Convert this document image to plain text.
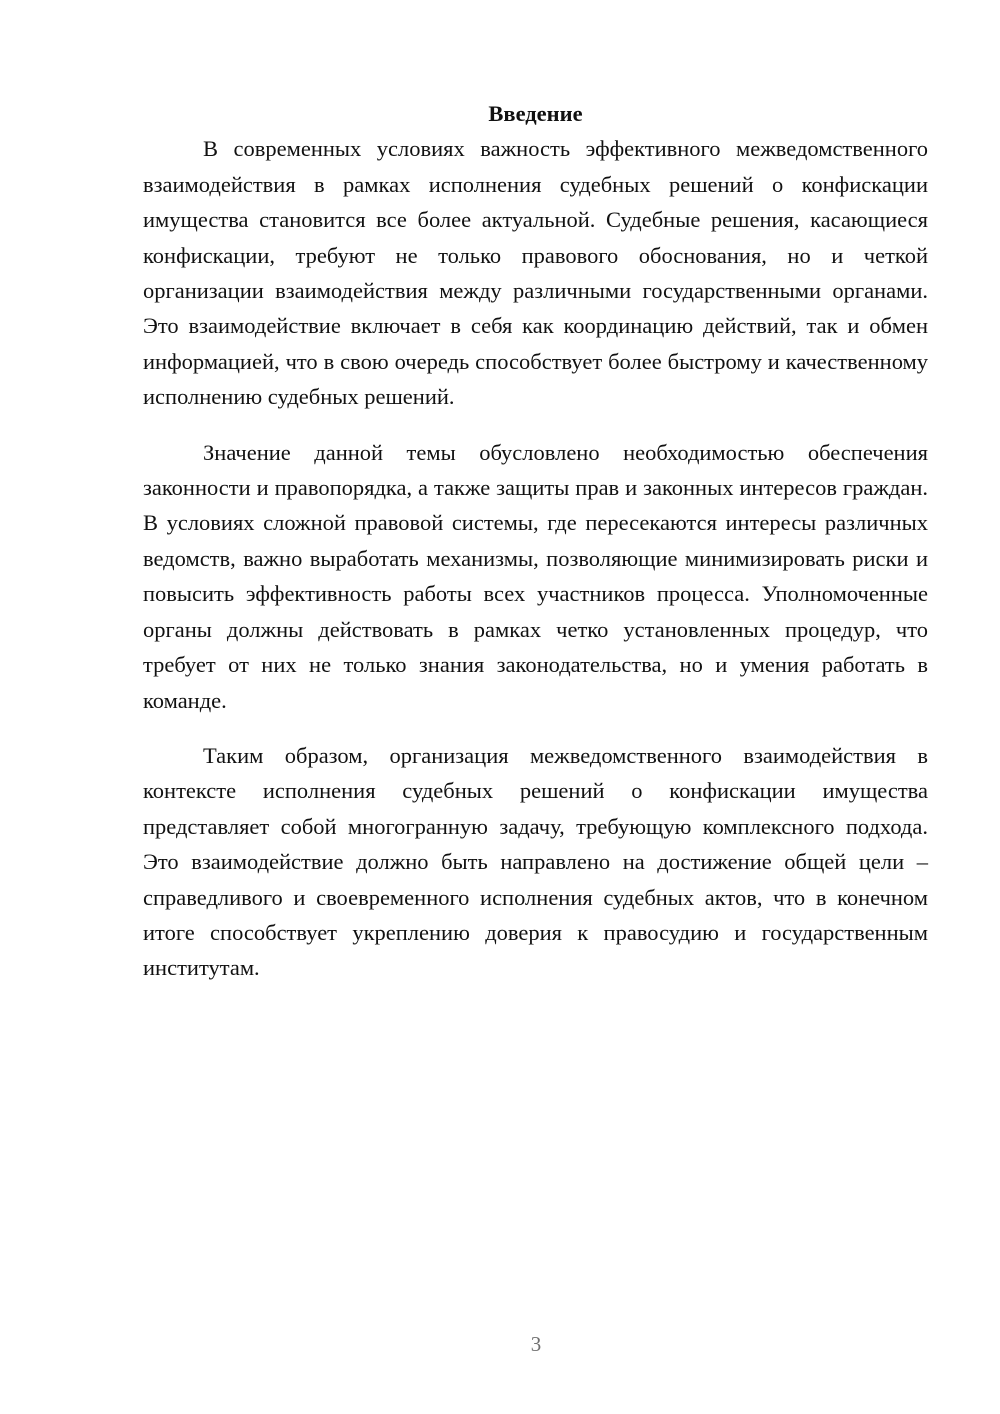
Введение

В современных условиях важность эффективного межведомственного взаимодействия в рамках исполнения судебных решений о конфискации имущества становится все более актуальной. Судебные решения, касающиеся конфискации, требуют не только правового обоснования, но и четкой организации взаимодействия между различными государственными органами. Это взаимодействие включает в себя как координацию действий, так и обмен информацией, что в свою очередь способствует более быстрому и качественному исполнению судебных решений.

Значение данной темы обусловлено необходимостью обеспечения законности и правопорядка, а также защиты прав и законных интересов граждан. В условиях сложной правовой системы, где пересекаются интересы различных ведомств, важно выработать механизмы, позволяющие минимизировать риски и повысить эффективность работы всех участников процесса. Уполномоченные органы должны действовать в рамках четко установленных процедур, что требует от них не только знания законодательства, но и умения работать в команде.

Таким образом, организация межведомственного взаимодействия в контексте исполнения судебных решений о конфискации имущества представляет собой многогранную задачу, требующую комплексного подхода. Это взаимодействие должно быть направлено на достижение общей цели – справедливого и своевременного исполнения судебных актов, что в конечном итоге способствует укреплению доверия к правосудию и государственным институтам.

3
